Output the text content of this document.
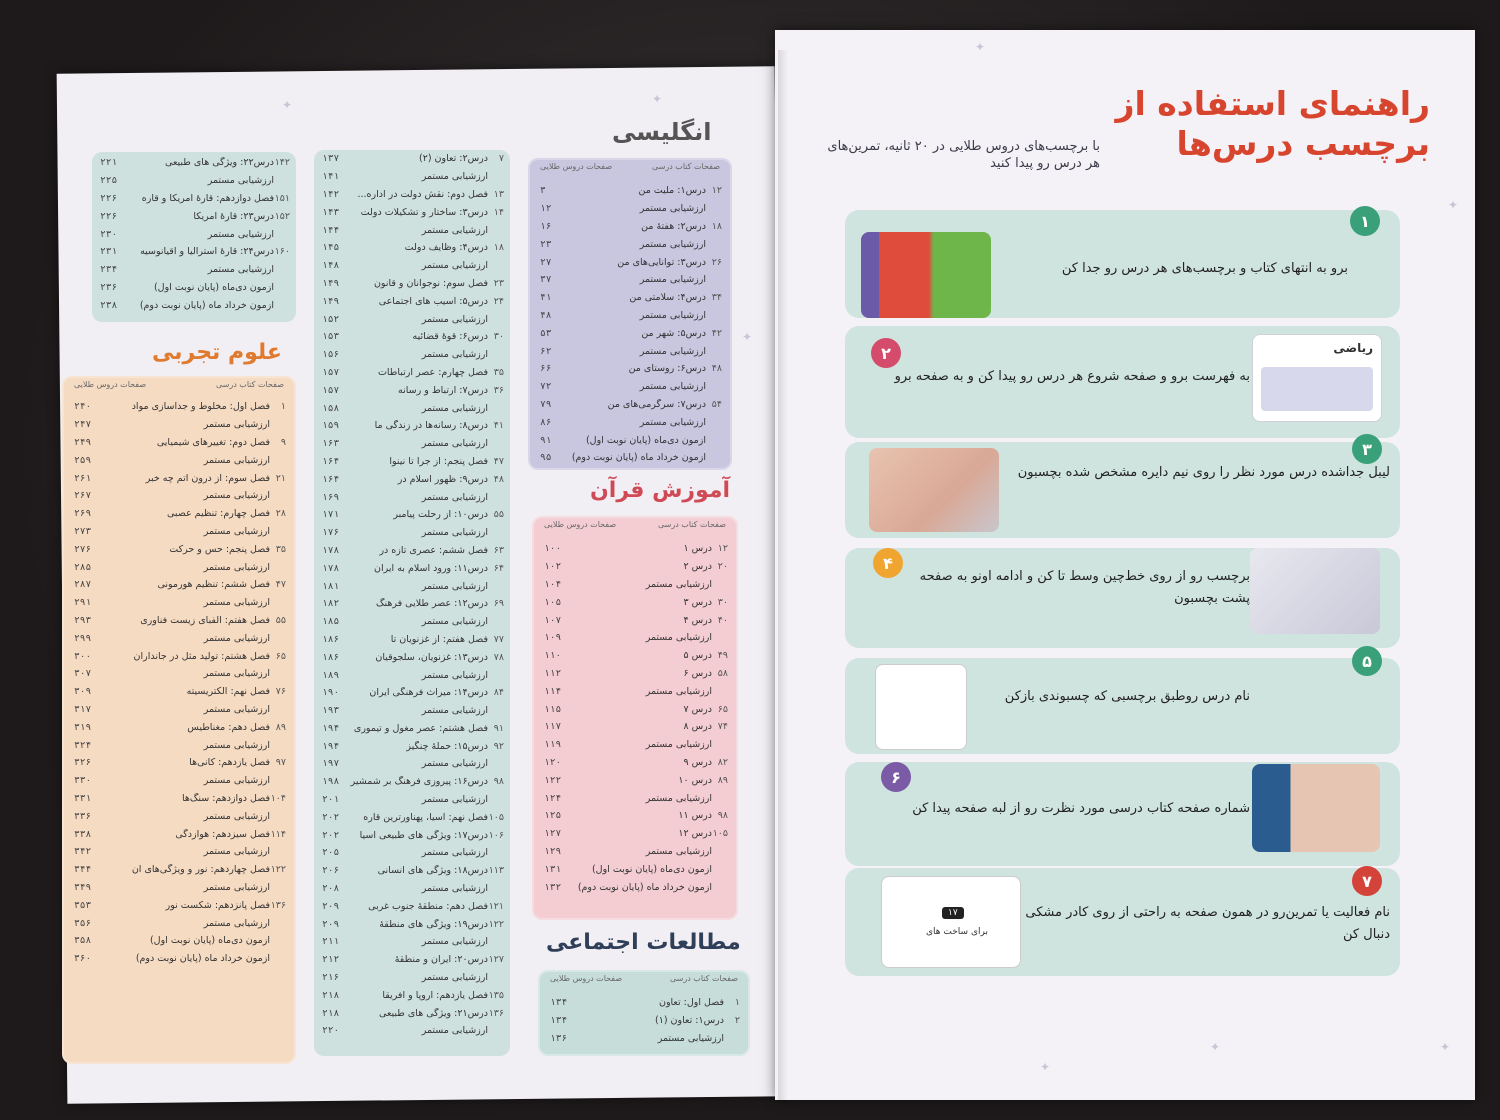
انگلیسی
صفحات کتاب درسی
صفحات دروس طلایی
۱۲
درس۱: ملیت من
۳
ارزشیابی مستمر
۱۲
۱۸
درس۲: هفتهٔ من
۱۶
ارزشیابی مستمر
۲۳
۲۶
درس۳: توانایی‌های من
۲۷
ارزشیابی مستمر
۳۷
۳۴
درس۴: سلامتی من
۴۱
ارزشیابی مستمر
۴۸
۴۲
درس۵: شهر من
۵۳
ارزشیابی مستمر
۶۲
۴۸
درس۶: روستای من
۶۶
ارزشیابی مستمر
۷۲
۵۴
درس۷: سرگرمی‌های من
۷۹
ارزشیابی مستمر
۸۶
آزمون دی‌ماه (پایان نوبت اول)
۹۱
آزمون خرداد ماه (پایان نوبت دوم)
۹۵
آموزش قرآن
صفحات کتاب درسی
صفحات دروس طلایی
۱۲
درس ۱
۱۰۰
۲۰
درس ۲
۱۰۲
ارزشیابی مستمر
۱۰۴
۳۰
درس ۳
۱۰۵
۴۰
درس ۴
۱۰۷
ارزشیابی مستمر
۱۰۹
۴۹
درس ۵
۱۱۰
۵۸
درس ۶
۱۱۲
ارزشیابی مستمر
۱۱۴
۶۵
درس ۷
۱۱۵
۷۴
درس ۸
۱۱۷
ارزشیابی مستمر
۱۱۹
۸۲
درس ۹
۱۲۰
۸۹
درس ۱۰
۱۲۲
ارزشیابی مستمر
۱۲۴
۹۸
درس ۱۱
۱۲۵
۱۰۵
درس ۱۲
۱۲۷
ارزشیابی مستمر
۱۲۹
آزمون دی‌ماه (پایان نوبت اول)
۱۳۱
آزمون خرداد ماه (پایان نوبت دوم)
۱۳۲
مطالعات اجتماعی
صفحات کتاب درسی
صفحات دروس طلایی
۱
فصل اول: تعاون
۱۳۴
۲
درس۱: تعاون (۱)
۱۳۴
ارزشیابی مستمر
۱۳۶
۷
درس۲: تعاون (۲)
۱۳۷
ارزشیابی مستمر
۱۴۱
۱۳
فصل دوم: نقش دولت در اداره...
۱۴۲
۱۴
درس۳: ساختار و تشکیلات دولت
۱۴۳
ارزشیابی مستمر
۱۴۴
۱۸
درس۴: وظایف دولت
۱۴۵
ارزشیابی مستمر
۱۴۸
۲۳
فصل سوم: نوجوانان و قانون
۱۴۹
۲۴
درس۵: آسیب های اجتماعی
۱۴۹
ارزشیابی مستمر
۱۵۲
۳۰
درس۶: قوهٔ قضائیه
۱۵۳
ارزشیابی مستمر
۱۵۶
۳۵
فصل چهارم: عصر ارتباطات
۱۵۷
۳۶
درس۷: ارتباط و رسانه
۱۵۷
ارزشیابی مستمر
۱۵۸
۴۱
درس۸: رسانه‌ها در زندگی ما
۱۵۹
ارزشیابی مستمر
۱۶۳
۴۷
فصل پنجم: از جرا تا نینوا
۱۶۴
۴۸
درس۹: ظهور اسلام در
۱۶۴
ارزشیابی مستمر
۱۶۹
۵۵
درس۱۰: از رحلت پیامبر
۱۷۱
ارزشیابی مستمر
۱۷۶
۶۳
فصل ششم: عصری تازه در
۱۷۸
۶۴
درس۱۱: ورود اسلام به ایران
۱۷۸
ارزشیابی مستمر
۱۸۱
۶۹
درس۱۲: عصر طلایی فرهنگ
۱۸۲
ارزشیابی مستمر
۱۸۵
۷۷
فصل هفتم: از غزنویان تا
۱۸۶
۷۸
درس۱۳: غزنویان، سلجوقیان
۱۸۶
ارزشیابی مستمر
۱۸۹
۸۴
درس۱۴: میراث فرهنگی ایران
۱۹۰
ارزشیابی مستمر
۱۹۳
۹۱
فصل هشتم: عصر مغول و تیموری
۱۹۴
۹۲
درس۱۵: حملهٔ چنگیز
۱۹۴
ارزشیابی مستمر
۱۹۷
۹۸
درس۱۶: پیروزی فرهنگ بر شمشیر
۱۹۸
ارزشیابی مستمر
۲۰۱
۱۰۵
فصل نهم: آسیا، پهناورترین قاره
۲۰۲
۱۰۶
درس۱۷: ویژگی های طبیعی آسیا
۲۰۲
ارزشیابی مستمر
۲۰۵
۱۱۳
درس۱۸: ویژگی های انسانی
۲۰۶
ارزشیابی مستمر
۲۰۸
۱۲۱
فصل دهم: منطقهٔ جنوب غربی
۲۰۹
۱۲۲
درس۱۹: ویژگی های منطقهٔ
۲۰۹
ارزشیابی مستمر
۲۱۱
۱۲۷
درس۲۰: ایران و منطقهٔ
۲۱۲
ارزشیابی مستمر
۲۱۶
۱۳۵
فصل یازدهم: اروپا و افریقا
۲۱۸
۱۳۶
درس۲۱: ویژگی های طبیعی
۲۱۸
ارزشیابی مستمر
۲۲۰
۱۴۲
درس۲۲: ویژگی های طبیعی
۲۲۱
ارزشیابی مستمر
۲۲۵
۱۵۱
فصل دوازدهم: قارهٔ آمریکا و قاره
۲۲۶
۱۵۲
درس۲۳: قارهٔ آمریکا
۲۲۶
ارزشیابی مستمر
۲۳۰
۱۶۰
درس۲۴: قارهٔ استرالیا و اقیانوسیه
۲۳۱
ارزشیابی مستمر
۲۳۴
آزمون دی‌ماه (پایان نوبت اول)
۲۳۶
آزمون خرداد ماه (پایان نوبت دوم)
۲۳۸
علوم تجربی
صفحات کتاب درسی
صفحات دروس طلایی
۱
فصل اول: مخلوط و جداسازی مواد
۲۴۰
ارزشیابی مستمر
۲۴۷
۹
فصل دوم: تغییرهای شیمیایی
۲۴۹
ارزشیابی مستمر
۲۵۹
۲۱
فصل سوم: از درون اتم چه خبر
۲۶۱
ارزشیابی مستمر
۲۶۷
۲۸
فصل چهارم: تنظیم عصبی
۲۶۹
ارزشیابی مستمر
۲۷۳
۳۵
فصل پنجم: حس و حرکت
۲۷۶
ارزشیابی مستمر
۲۸۵
۴۷
فصل ششم: تنظیم هورمونی
۲۸۷
ارزشیابی مستمر
۲۹۱
۵۵
فصل هفتم: الفبای زیست فناوری
۲۹۳
ارزشیابی مستمر
۲۹۹
۶۵
فصل هشتم: تولید مثل در جانداران
۳۰۰
ارزشیابی مستمر
۳۰۷
۷۶
فصل نهم: الکتریسیته
۳۰۹
ارزشیابی مستمر
۳۱۷
۸۹
فصل دهم: مغناطیس
۳۱۹
ارزشیابی مستمر
۳۲۴
۹۷
فصل یازدهم: کانی‌ها
۳۲۶
ارزشیابی مستمر
۳۳۰
۱۰۴
فصل دوازدهم: سنگ‌ها
۳۳۱
ارزشیابی مستمر
۳۳۶
۱۱۴
فصل سیزدهم: هوازدگی
۳۳۸
ارزشیابی مستمر
۳۴۲
۱۲۲
فصل چهاردهم: نور و ویژگی‌های آن
۳۴۴
ارزشیابی مستمر
۳۴۹
۱۳۶
فصل پانزدهم: شکست نور
۳۵۳
ارزشیابی مستمر
۳۵۶
آزمون دی‌ماه (پایان نوبت اول)
۳۵۸
آزمون خرداد ماه (پایان نوبت دوم)
۳۶۰
✦	✦
✦
✦
✦	✦
✦
✦
راهنمای استفاده از
برچسب درس‌ها
با برچسب‌های دروس طلایی در ۲۰ ثانیه، تمرین‌های هر درس رو پیدا کنید
۱
برو به انتهای کتاب و برچسب‌های هر درس رو جدا کن
۲
به فهرست برو و صفحه شروع هر درس رو پیدا کن و به صفحه برو
ریاضی
۳
لیبل جداشده درس مورد نظر را روی نیم دایره مشخص شده بچسبون
۴
برچسب رو از روی خط‌چین وسط تا کن و ادامه اونو به صفحه پشت بچسبون
۵
نام درس روطبق برچسبی که چسبوندی بازکن
۶
شماره صفحه کتاب درسی مورد نظرت رو از لبه صفحه پیدا کن
۷
نام فعالیت یا تمرین‌رو در همون صفحه به راحتی از روی کادر مشکی دنبال کن
۱۷
برای ساخت های
